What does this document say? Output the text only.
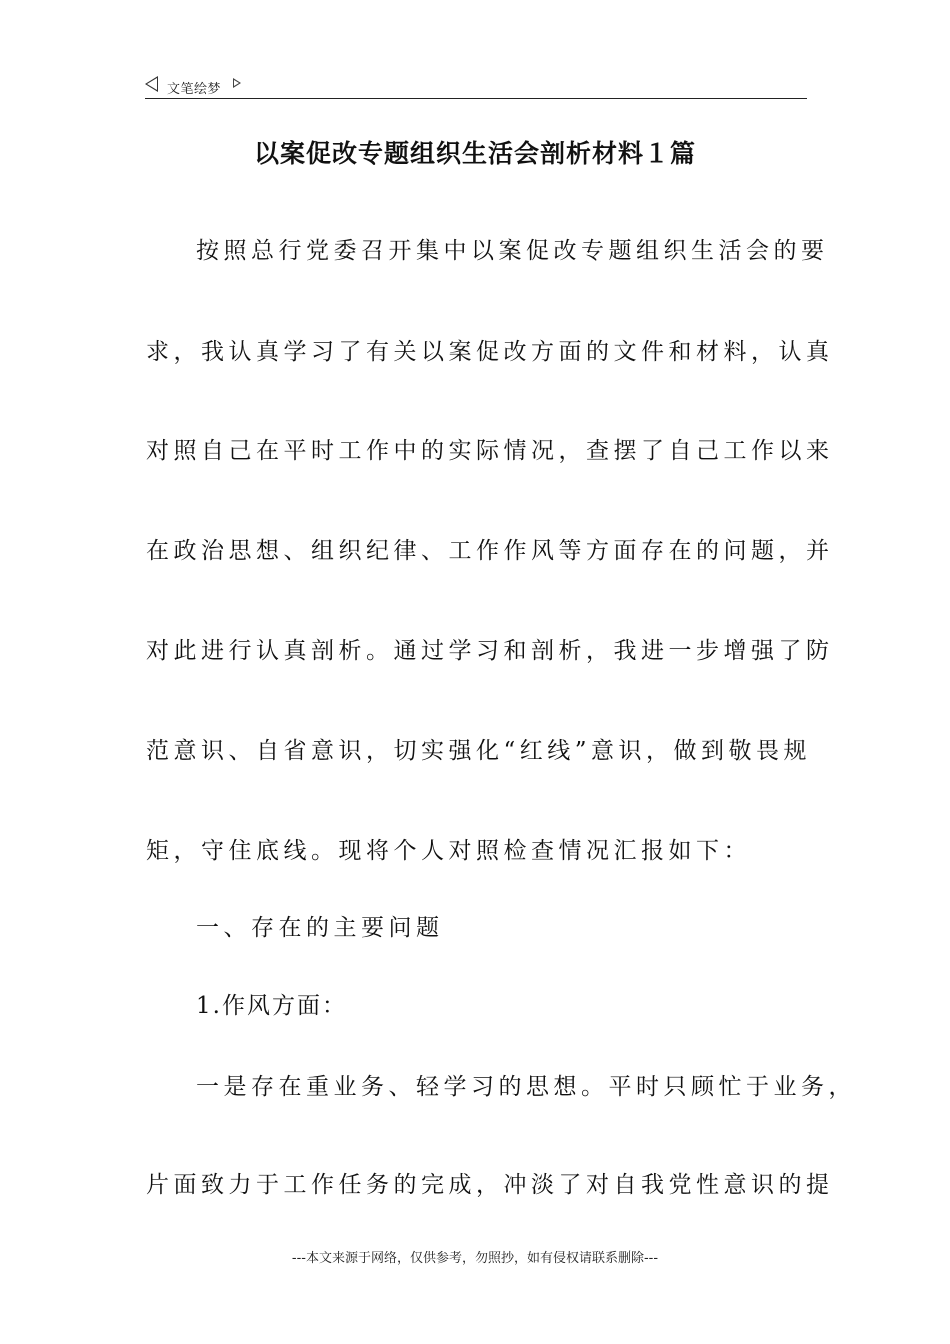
文笔绘梦
以案促改专题组织生活会剖析材料１篇
按照总行党委召开集中以案促改专题组织生活会的要
求，我认真学习了有关以案促改方面的文件和材料，认真
对照自己在平时工作中的实际情况，查摆了自己工作以来
在政治思想、组织纪律、工作作风等方面存在的问题，并
对此进行认真剖析。通过学习和剖析，我进一步增强了防
范意识、自省意识，切实强化“红线”意识，做到敬畏规
矩，守住底线。现将个人对照检查情况汇报如下：
一、存在的主要问题
1.作风方面：
一是存在重业务、轻学习的思想。平时只顾忙于业务，
片面致力于工作任务的完成，冲淡了对自我党性意识的提
---本文来源于网络，仅供参考，勿照抄，如有侵权请联系删除---
